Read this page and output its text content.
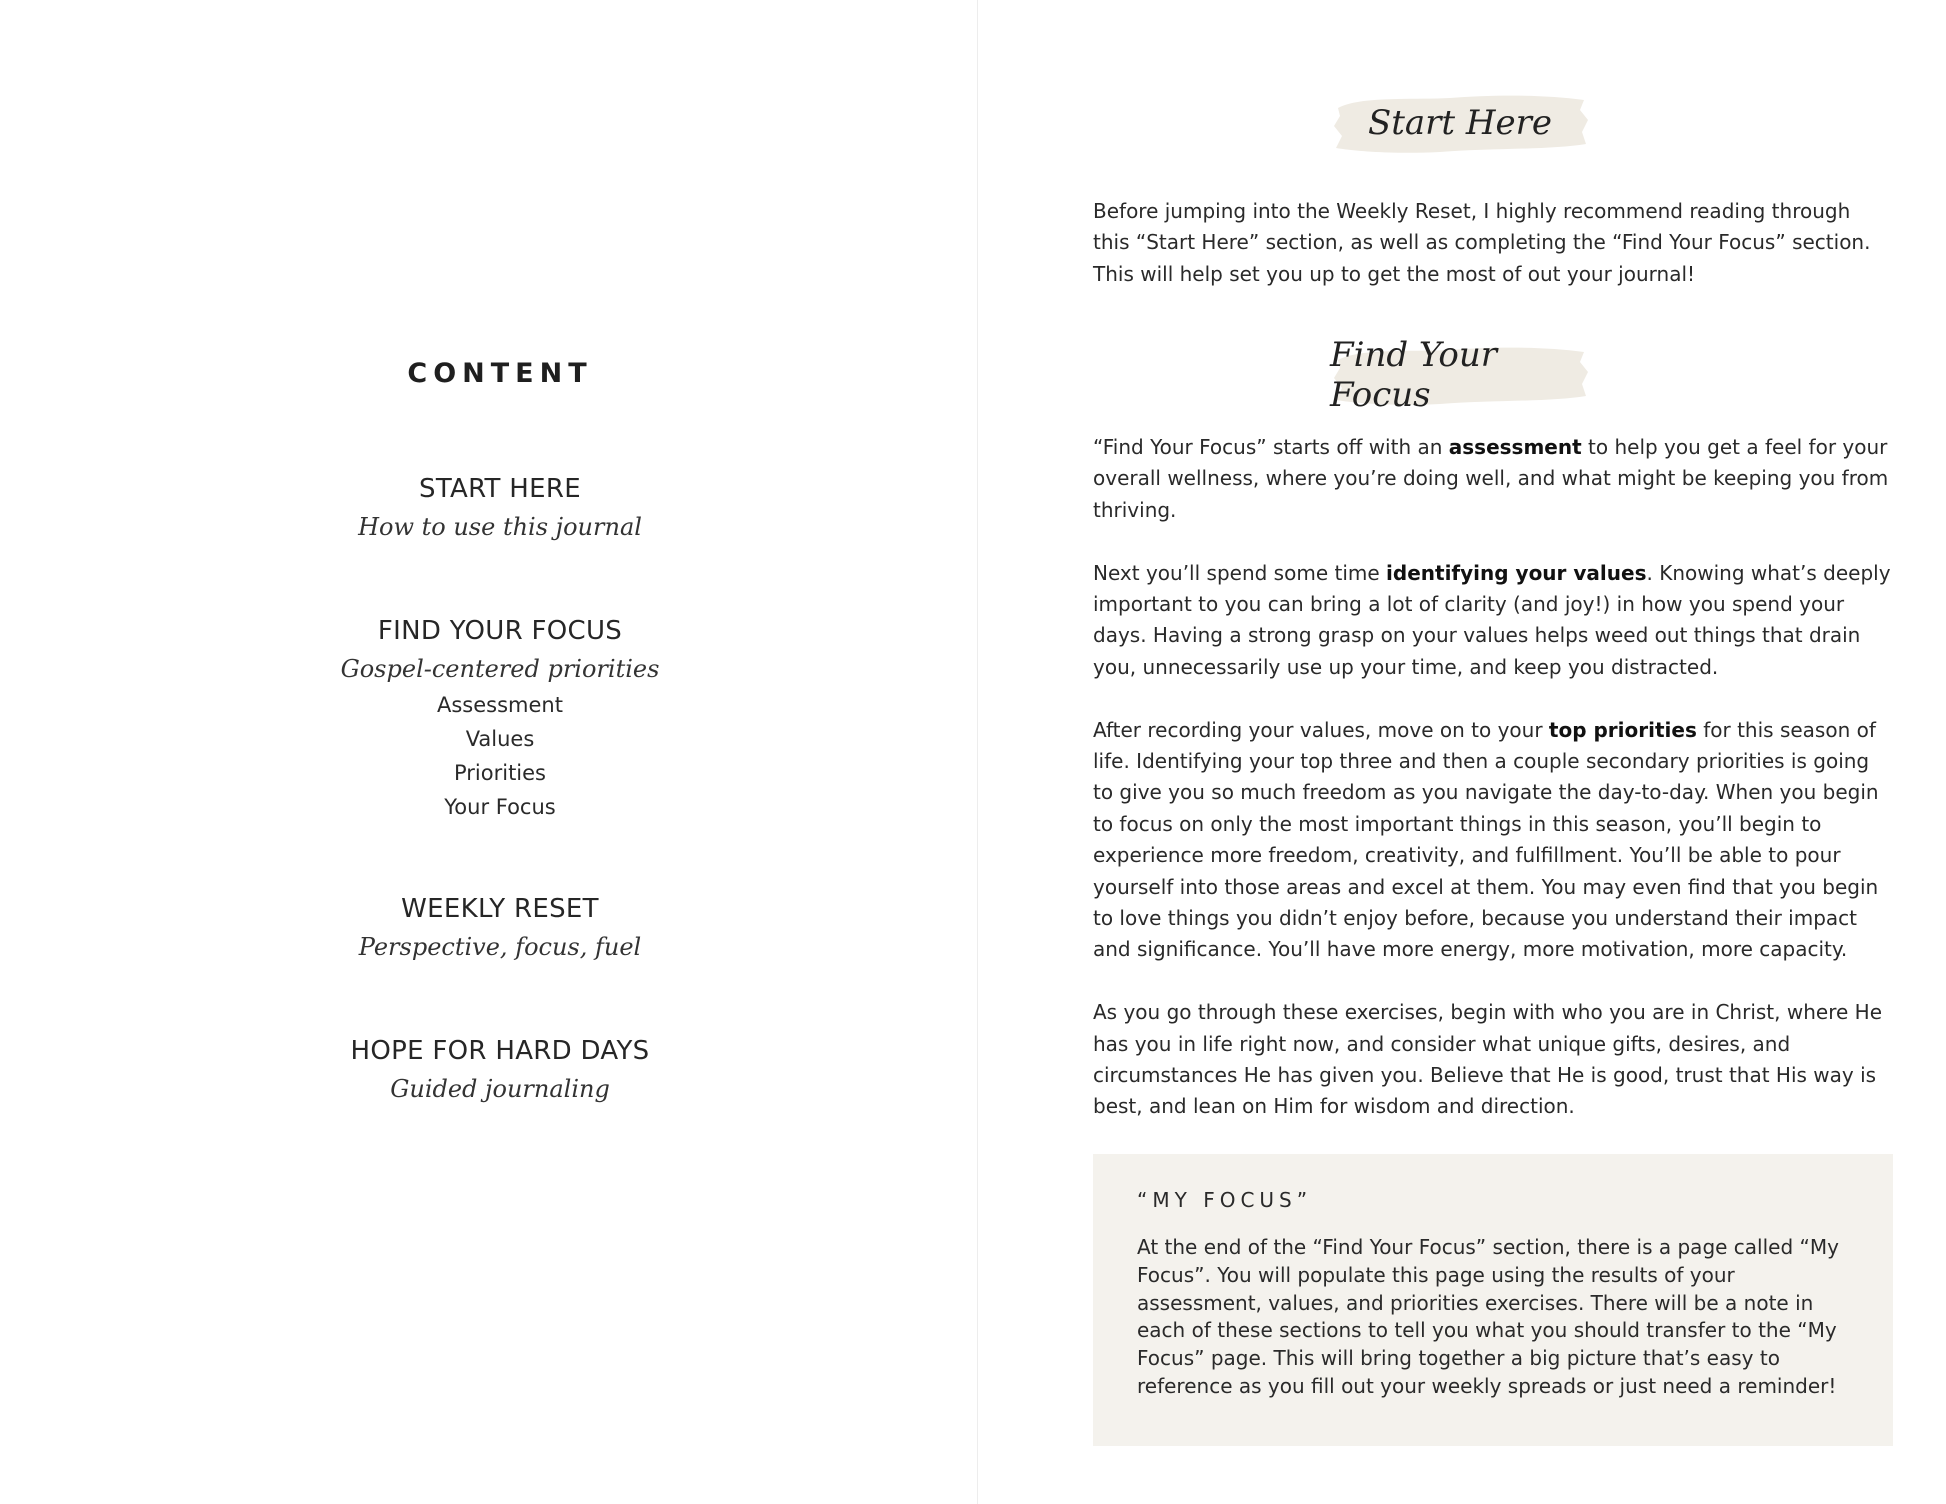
CONTENT
START HERE
How to use this journal
FIND YOUR FOCUS
Gospel-centered priorities
Assessment
Values
Priorities
Your Focus
WEEKLY RESET
Perspective, focus, fuel
HOPE FOR HARD DAYS
Guided journaling
Start Here

Before jumping into the Weekly Reset, I highly recommend reading through this “Start Here” section, as well as completing the “Find Your Focus” section. This will help set you up to get the most of out your journal!

Find Your Focus

“Find Your Focus” starts off with an assessment to help you get a feel for your overall wellness, where you’re doing well, and what might be keeping you from thriving.

Next you’ll spend some time identifying your values. Knowing what’s deeply important to you can bring a lot of clarity (and joy!) in how you spend your days. Having a strong grasp on your values helps weed out things that drain you, unnecessarily use up your time, and keep you distracted.

After recording your values, move on to your top priorities for this season of life. Identifying your top three and then a couple secondary priorities is going to give you so much freedom as you navigate the day-to-day. When you begin to focus on only the most important things in this season, you’ll begin to experience more freedom, creativity, and fulfillment. You’ll be able to pour yourself into those areas and excel at them. You may even find that you begin to love things you didn’t enjoy before, because you understand their impact and significance. You’ll have more energy, more motivation, more capacity.

As you go through these exercises, begin with who you are in Christ, where He has you in life right now, and consider what unique gifts, desires, and circumstances He has given you. Believe that He is good, trust that His way is best, and lean on Him for wisdom and direction.

“MY FOCUS”
At the end of the “Find Your Focus” section, there is a page called “My Focus”. You will populate this page using the results of your assessment, values, and priorities exercises. There will be a note in each of these sections to tell you what you should transfer to the “My Focus” page. This will bring together a big picture that’s easy to reference as you fill out your weekly spreads or just need a reminder!
